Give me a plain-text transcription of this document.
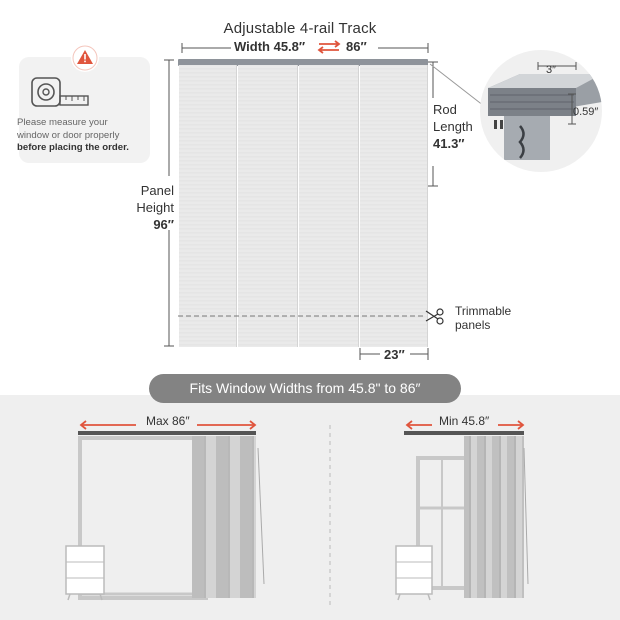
Adjustable 4-rail Track
Width 45.8″	86″
Please measure your
window or door properly
before placing the order.
Trimmable
panels
Panel
Height
96″
Rod
Length
41.3″
23″
3″
0.59″
Fits Window Widths from 45.8" to 86″
Max 86″	Min 45.8″
